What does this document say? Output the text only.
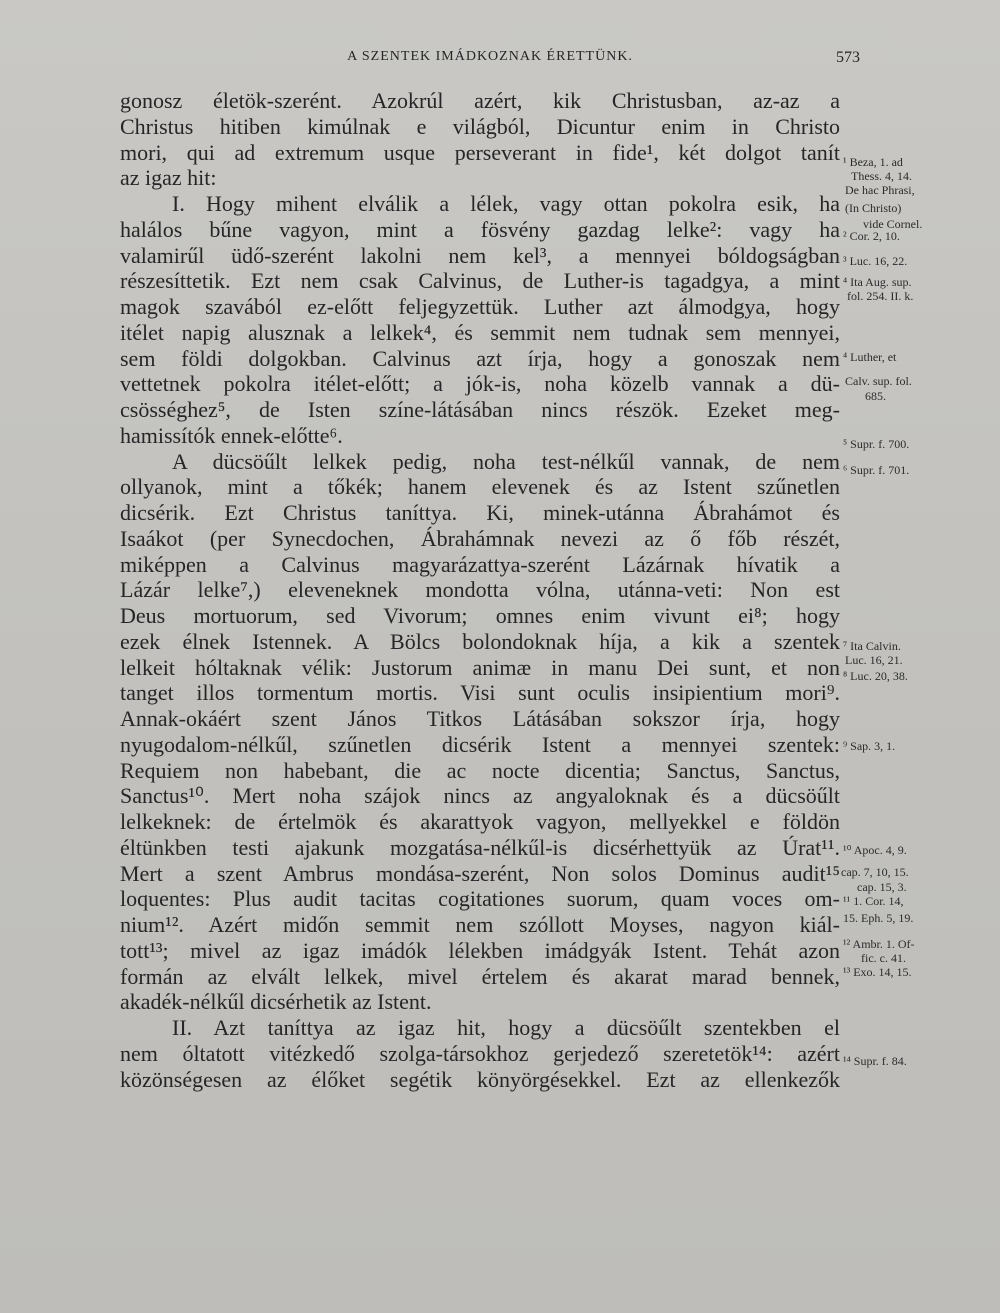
A SZENTEK IMÁDKOZNAK ÉRETTÜNK.	573
gonosz életök-szerént. Azokrúl azért, kik Christusban, az-az a
Christus hitiben kimúlnak e világból, Dicuntur enim in Christo
mori, qui ad extremum usque perseverant in fide¹, két dolgot tanít
az igaz hit:
I. Hogy mihent elválik a lélek, vagy ottan pokolra esik, ha
halálos bűne vagyon, mint a fösvény gazdag lelke²: vagy ha
valamirűl üdő-szerént lakolni nem kel³, a mennyei bóldogságban
részesíttetik. Ezt nem csak Calvinus, de Luther-is tagadgya, a mint
magok szavából ez-előtt feljegyzettük. Luther azt álmodgya, hogy
itélet napig alusznak a lelkek⁴, és semmit nem tudnak sem mennyei,
sem földi dolgokban. Calvinus azt írja, hogy a gonoszak nem
vettetnek pokolra itélet-előtt; a jók-is, noha közelb vannak a dü-
csösséghez⁵, de Isten színe-látásában nincs részök. Ezeket meg-
hamissítók ennek-előtte⁶.
A dücsöűlt lelkek pedig, noha test-nélkűl vannak, de nem
ollyanok, mint a tőkék; hanem elevenek és az Istent szűnetlen
dicsérik. Ezt Christus taníttya. Ki, minek-utánna Ábrahámot és
Isaákot (per Synecdochen, Ábrahámnak nevezi az ő főb részét,
miképpen a Calvinus magyarázattya-szerént Lázárnak hívatik a
Lázár lelke⁷,) eleveneknek mondotta vólna, utánna-veti: Non est
Deus mortuorum, sed Vivorum; omnes enim vivunt ei⁸; hogy
ezek élnek Istennek. A Bölcs bolondoknak híja, a kik a szentek
lelkeit hóltaknak vélik: Justorum animæ in manu Dei sunt, et non
tanget illos tormentum mortis. Visi sunt oculis insipientium mori⁹.
Annak-okáért szent János Titkos Látásában sokszor írja, hogy
nyugodalom-nélkűl, szűnetlen dicsérik Istent a mennyei szentek:
Requiem non habebant, die ac nocte dicentia; Sanctus, Sanctus,
Sanctus¹⁰. Mert noha szájok nincs az angyaloknak és a dücsöűlt
lelkeknek: de értelmök és akarattyok vagyon, mellyekkel e földön
éltünkben testi ajakunk mozgatása-nélkűl-is dicsérhettyük az Úrat¹¹.
Mert a szent Ambrus mondása-szerént, Non solos Dominus audit¹⁵
loquentes: Plus audit tacitas cogitationes suorum, quam voces om-
nium¹². Azért midőn semmit nem szóllott Moyses, nagyon kiál-
tott¹³; mivel az igaz imádók lélekben imádgyák Istent. Tehát azon
formán az elvált lelkek, mivel értelem és akarat marad bennek,
akadék-nélkűl dicsérhetik az Istent.
II. Azt taníttya az igaz hit, hogy a dücsöűlt szentekben el
nem óltatott vitézkedő szolga-társokhoz gerjedező szeretetök¹⁴: azért
közönségesen az élőket segétik könyörgésekkel. Ezt az ellenkezők
¹ Beza, 1. ad
Thess. 4, 14.
De hac Phrasi,
(In Christo)
vide Cornel.
² Cor. 2, 10.
³ Luc. 16, 22.
⁴ Ita Aug. sup.
fol. 254. II. k.
⁴ Luther, et
Calv. sup. fol.
685.
⁵ Supr. f. 700.
⁶ Supr. f. 701.
⁷ Ita Calvin.
Luc. 16, 21.
⁸ Luc. 20, 38.
⁹ Sap. 3, 1.
¹⁰ Apoc. 4, 9.
cap. 7, 10, 15.
cap. 15, 3.
¹¹ 1. Cor. 14,
15. Eph. 5, 19.
¹² Ambr. 1. Of-
fic. c. 41.
¹³ Exo. 14, 15.
¹⁴ Supr. f. 84.
